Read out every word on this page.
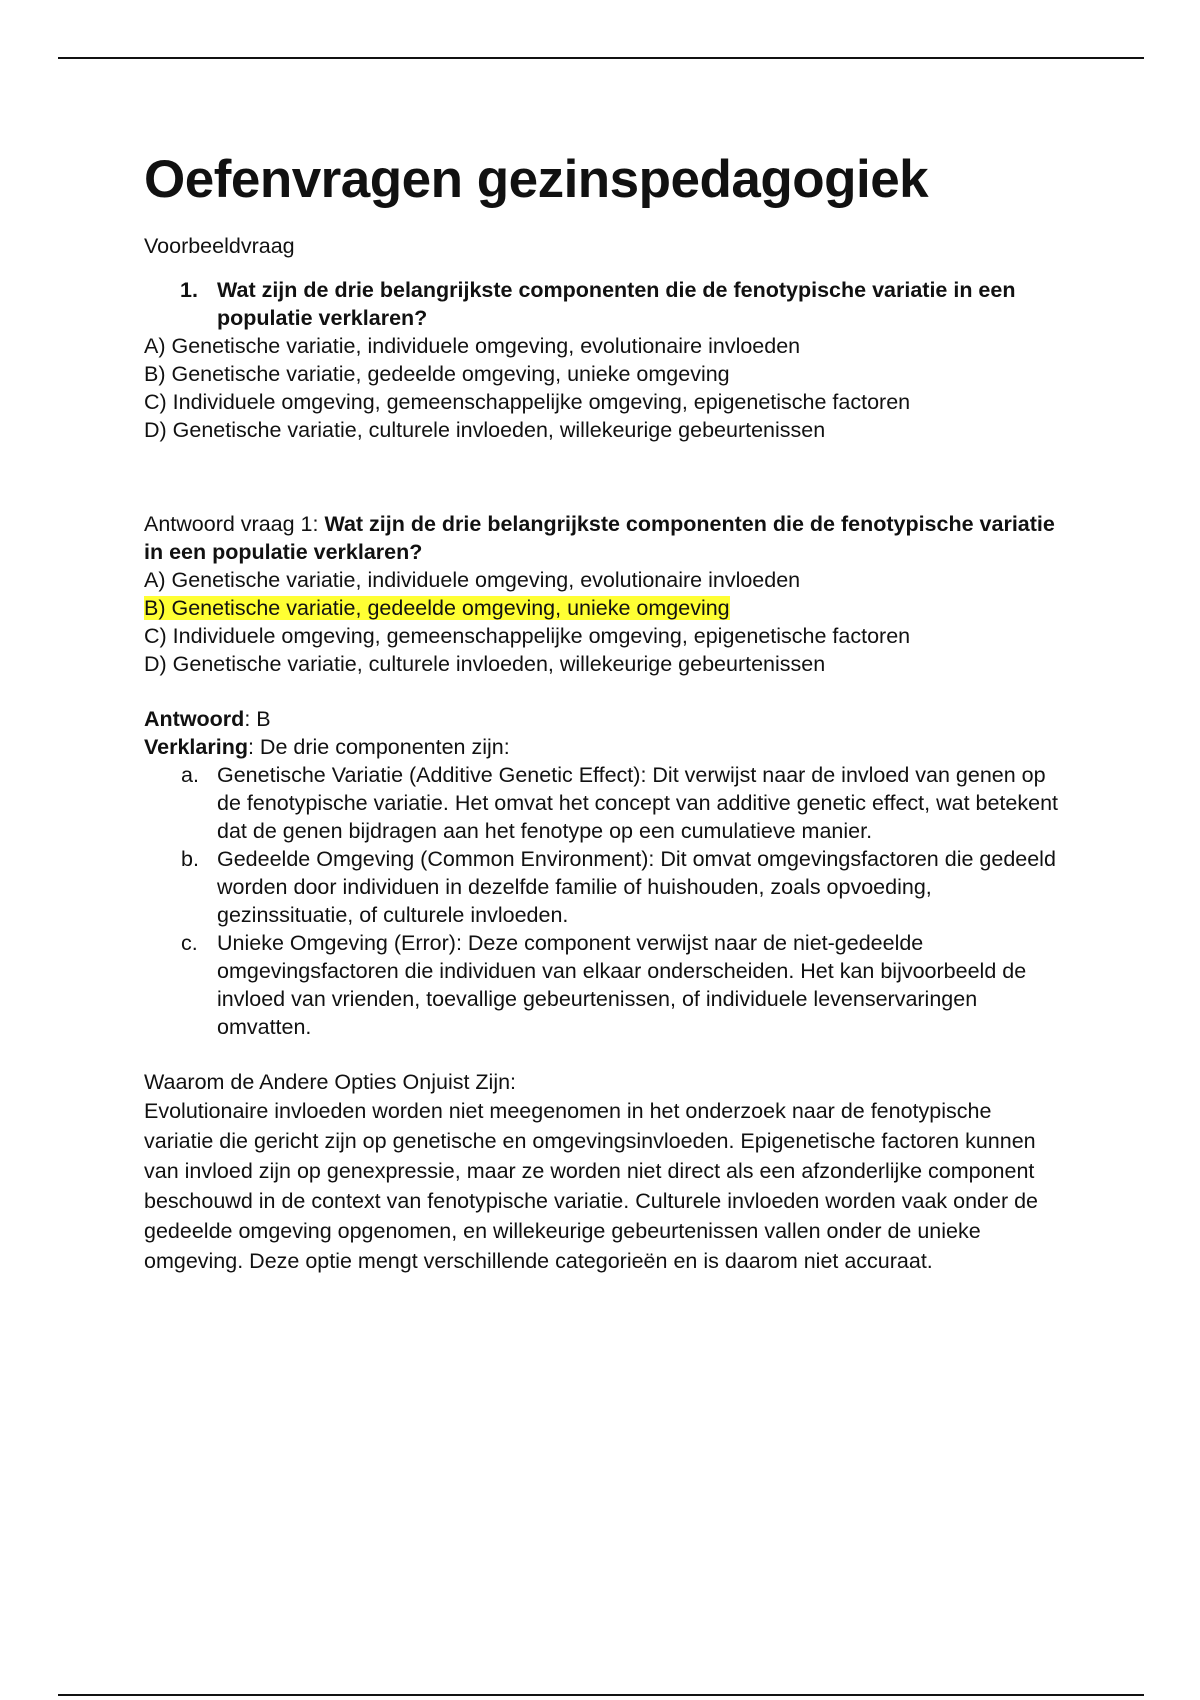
Oefenvragen gezinspedagogiek

Voorbeeldvraag

1. Wat zijn de drie belangrijkste componenten die de fenotypische variatie in een populatie verklaren?

A) Genetische variatie, individuele omgeving, evolutionaire invloeden

B) Genetische variatie, gedeelde omgeving, unieke omgeving

C) Individuele omgeving, gemeenschappelijke omgeving, epigenetische factoren

D) Genetische variatie, culturele invloeden, willekeurige gebeurtenissen

Antwoord vraag 1: Wat zijn de drie belangrijkste componenten die de fenotypische variatie in een populatie verklaren?

A) Genetische variatie, individuele omgeving, evolutionaire invloeden

B) Genetische variatie, gedeelde omgeving, unieke omgeving

C) Individuele omgeving, gemeenschappelijke omgeving, epigenetische factoren

D) Genetische variatie, culturele invloeden, willekeurige gebeurtenissen

Antwoord: B

Verklaring: De drie componenten zijn:

a. Genetische Variatie (Additive Genetic Effect): Dit verwijst naar de invloed van genen op de fenotypische variatie. Het omvat het concept van additive genetic effect, wat betekent dat de genen bijdragen aan het fenotype op een cumulatieve manier.
b. Gedeelde Omgeving (Common Environment): Dit omvat omgevingsfactoren die gedeeld worden door individuen in dezelfde familie of huishouden, zoals opvoeding, gezinssituatie, of culturele invloeden.
c. Unieke Omgeving (Error): Deze component verwijst naar de niet-gedeelde omgevingsfactoren die individuen van elkaar onderscheiden. Het kan bijvoorbeeld de invloed van vrienden, toevallige gebeurtenissen, of individuele levenservaringen omvatten.

Waarom de Andere Opties Onjuist Zijn:

Evolutionaire invloeden worden niet meegenomen in het onderzoek naar de fenotypische variatie die gericht zijn op genetische en omgevingsinvloeden. Epigenetische factoren kunnen van invloed zijn op genexpressie, maar ze worden niet direct als een afzonderlijke component beschouwd in de context van fenotypische variatie. Culturele invloeden worden vaak onder de gedeelde omgeving opgenomen, en willekeurige gebeurtenissen vallen onder de unieke omgeving. Deze optie mengt verschillende categorieën en is daarom niet accuraat.
